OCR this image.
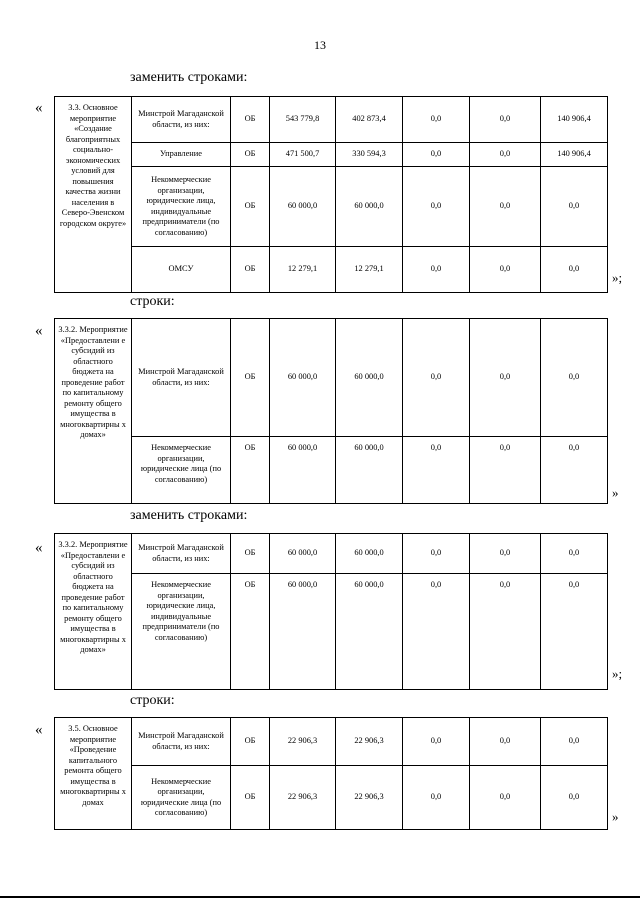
13
заменить строками:
«	3.3. Основное мероприятие «Создание благоприятных социально-экономических условий для повышения качества жизни населения в Северо-Эвенском городском округе»	Минстрой Магаданской области, из них:	ОБ	543 779,8	402 873,4	0,0	0,0	140 906,4
	Управление	ОБ	471 500,7	330 594,3	0,0	0,0	140 906,4
	Некоммерческие организации, юридические лица, индивидуальные предприниматели (по согласованию)	ОБ	60 000,0	60 000,0	0,0	0,0	0,0
	ОМСУ	ОБ	12 279,1	12 279,1	0,0	0,0	0,0
»;
строки:
« 3.3.2. Мероприятие «Предоставлени е субсидий из областного бюджета на проведение работ по капитальному ремонту общего имущества в многоквартирны х домах»	Минстрой Магаданской области, из них:	ОБ	60 000,0	60 000,0	0,0	0,0	0,0
	Некоммерческие организации, юридические лица (по согласованию)	ОБ	60 000,0	60 000,0	0,0	0,0	0,0
»
заменить строками:
« 3.3.2. Мероприятие «Предоставлени е субсидий из областного бюджета на проведение работ по капитальному ремонту общего имущества в многоквартирны х домах»	Минстрой Магаданской области, из них:	ОБ	60 000,0	60 000,0	0,0	0,0	0,0
	Некоммерческие организации, юридические лица, индивидуальные предприниматели (по согласованию)	ОБ	60 000,0	60 000,0	0,0	0,0	0,0
»;
строки:
«	3.5. Основное мероприятие «Проведение капитального ремонта общего имущества в многоквартирны х домах	Минстрой Магаданской области, из них:	ОБ	22 906,3	22 906,3	0,0	0,0	0,0
	Некоммерческие организации, юридические лица (по согласованию)	ОБ	22 906,3	22 906,3	0,0	0,0	0,0
»
